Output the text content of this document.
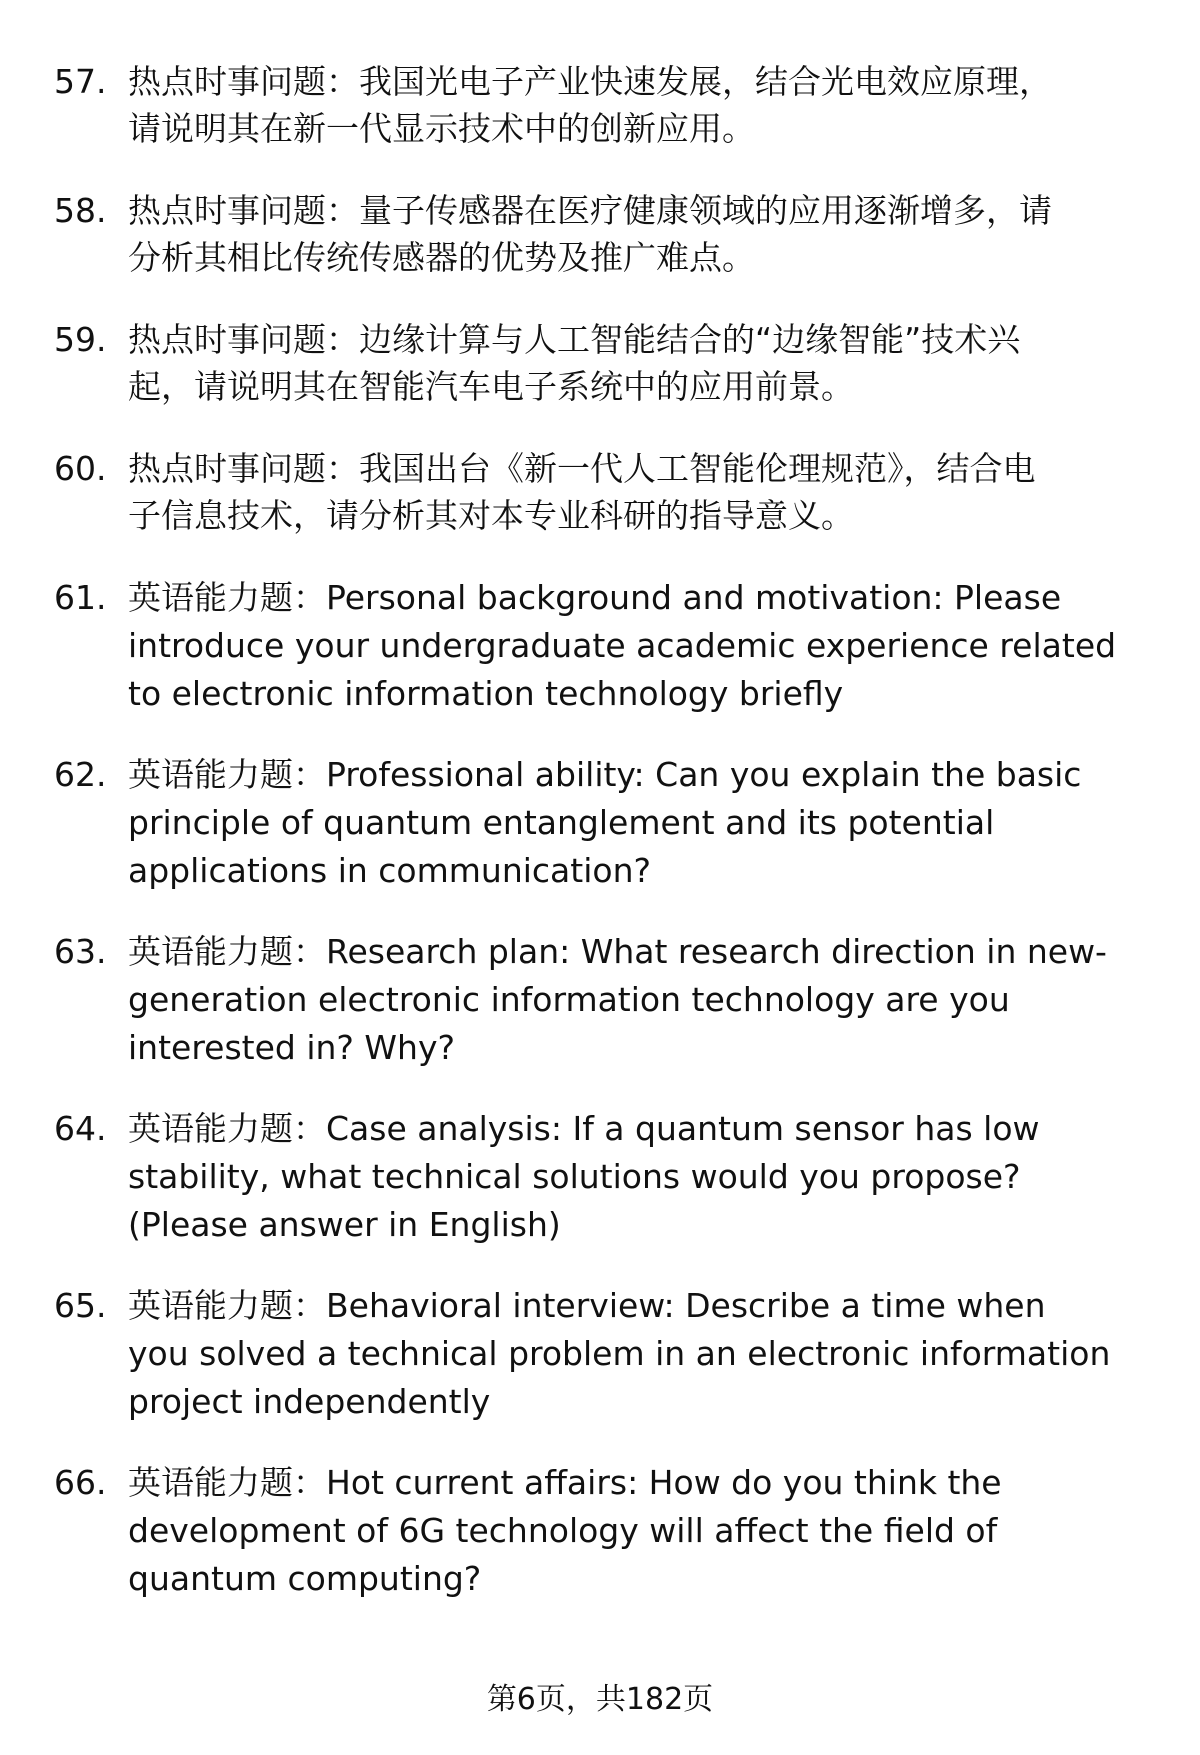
57. 热点时事问题：我国光电子产业快速发展，结合光电效应原理，
请说明其在新一代显示技术中的创新应用。
58. 热点时事问题：量子传感器在医疗健康领域的应用逐渐增多，请
分析其相比传统传感器的优势及推广难点。
59. 热点时事问题：边缘计算与人工智能结合的“边缘智能”技术兴
起，请说明其在智能汽车电子系统中的应用前景。
60. 热点时事问题：我国出台《新一代人工智能伦理规范》，结合电
子信息技术，请分析其对本专业科研的指导意义。
61. 英语能力题：Personal background and motivation: Please
introduce your undergraduate academic experience related
to electronic information technology briefly
62. 英语能力题：Professional ability: Can you explain the basic
principle of quantum entanglement and its potential
applications in communication?
63. 英语能力题：Research plan: What research direction in new-
generation electronic information technology are you
interested in? Why?
64. 英语能力题：Case analysis: If a quantum sensor has low
stability, what technical solutions would you propose?
(Please answer in English)
65. 英语能力题：Behavioral interview: Describe a time when
you solved a technical problem in an electronic information
project independently
66. 英语能力题：Hot current affairs: How do you think the
development of 6G technology will affect the field of
quantum computing?
第6页，共182页
